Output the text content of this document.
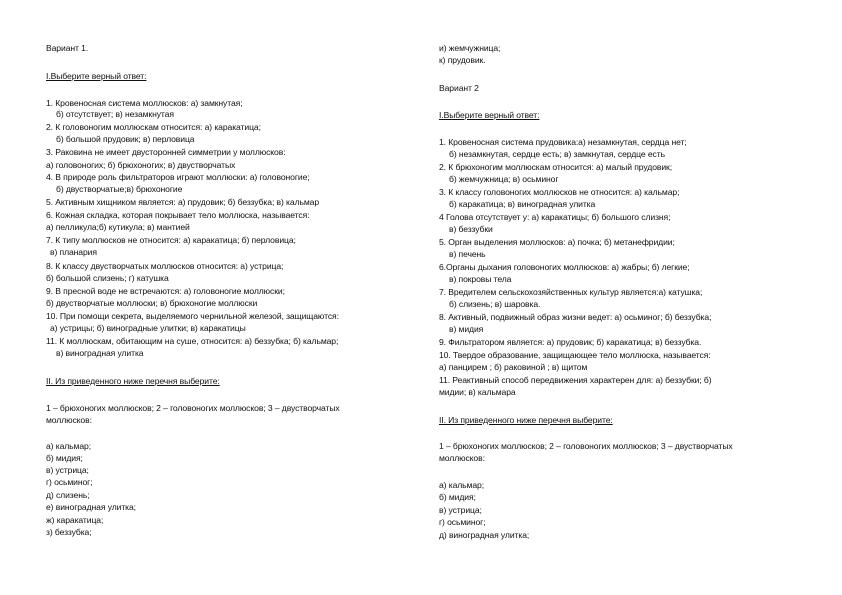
Вариант 1.
I.Выберите верный ответ:
1. Кровеносная система моллюсков: а) замкнутая;
б) отсутствует; в) незамкнутая
2. К головоногим моллюскам относится: а) каракатица;
б) большой прудовик; в) перловица
3. Раковина не имеет двусторонней симметрии у моллюсков:
а) головоногих; б) брюхоногих; в) двустворчатых
4. В природе роль фильтраторов играют моллюски: а) головоногие;
б) двустворчатые;в) брюхоногие
5. Активным хищником является: а) прудовик; б) беззубка; в) кальмар
6. Кожная складка, которая покрывает тело моллюска, называется:
а) пелликула;б) кутикула; в) мантией
7. К типу моллюсков не относится: а) каракатица; б) перловица;
в) планария
8. К классу двустворчатых моллюсков относится: а) устрица;
б) большой слизень; г) катушка
9. В пресной воде не встречаются: а) головоногие моллюски;
б) двустворчатые моллюски; в) брюхоногие моллюски
10. При помощи секрета, выделяемого чернильной железой, защищаются:
а) устрицы; б) виноградные улитки; в) каракатицы
11. К моллюскам, обитающим на суше, относится: а) беззубка; б) кальмар;
в) виноградная улитка
II. Из приведенного ниже перечня выберите:
1 – брюхоногих моллюсков; 2 – головоногих моллюсков; 3 – двустворчатых
моллюсков:
а) кальмар;
б) мидия;
в) устрица;
г) осьминог;
д) слизень;
е) виноградная улитка;
ж) каракатица;
з) беззубка;
и) жемчужница;
к) прудовик.
Вариант 2
I.Выберите верный ответ:
1. Кровеносная система прудовика:а) незамкнутая, сердца нет;
б) незамкнутая, сердце есть; в) замкнутая, сердце есть
2. К брюхоногим моллюскам относится: а) малый прудовик;
б) жемчужница; в) осьминог
3. К классу головоногих моллюсков не относится: а) кальмар;
б) каракатица; в) виноградная улитка
4 Голова отсутствует у: а) каракатицы; б) большого слизня;
в) беззубки
5. Орган выделения моллюсков: а) почка; б) метанефридии;
в) печень
6.Органы дыхания головоногих моллюсков: а) жабры; б) легкие;
в) покровы тела
7. Вредителем сельскохозяйственных культур является:а) катушка;
б) слизень; в) шаровка.
8. Активный, подвижный образ жизни ведет: а) осьминог; б) беззубка;
в) мидия
9. Фильтратором является: а) прудовик; б) каракатица; в) беззубка.
10. Твердое образование, защищающее тело моллюска, называется:
а) панцирем ; б) раковиной ; в) щитом
11. Реактивный способ передвижения характерен для: а) беззубки; б)
мидии; в) кальмара
II. Из приведенного ниже перечня выберите:
1 – брюхоногих моллюсков; 2 – головоногих моллюсков; 3 – двустворчатых
моллюсков:
а) кальмар;
б) мидия;
в) устрица;
г) осьминог;
д) виноградная улитка;
